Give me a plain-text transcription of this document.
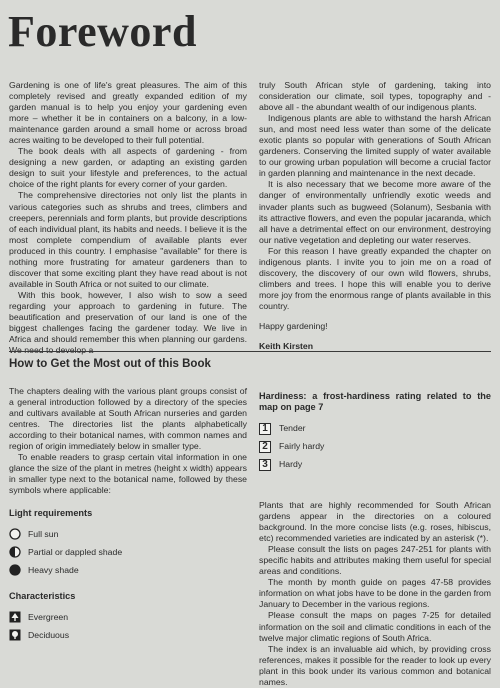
Foreword

Gardening is one of life's great pleasures. The aim of this completely revised and greatly expanded edition of my garden manual is to help you enjoy your gardening even more – whether it be in containers on a balcony, in a low-maintenance garden around a small home or across broad acres waiting to be developed to their full potential.

The book deals with all aspects of gardening - from designing a new garden, or adapting an existing garden design to suit your lifestyle and preferences, to the actual choice of the right plants for every corner of your garden.

The comprehensive directories not only list the plants in various categories such as shrubs and trees, climbers and creepers, perennials and form plants, but provide descriptions of each individual plant, its habits and needs. I believe it is the most complete compendium of available plants ever produced in this country. I emphasise "available" for there is nothing more frustrating for amateur gardeners than to discover that some exciting plant they have read about is not available in South Africa or not suited to our climate.

With this book, however, I also wish to sow a seed regarding your approach to gardening in future. The beautification and preservation of our land is one of the biggest challenges facing the gardener today. We live in Africa and should remember this when planning our gardens. We need to develop a

truly South African style of gardening, taking into consideration our climate, soil types, topography and - above all - the abundant wealth of our indigenous plants.

Indigenous plants are able to withstand the harsh African sun, and most need less water than some of the delicate exotic plants so popular with generations of South African gardeners. Conserving the limited supply of water available to our growing urban population will become a crucial factor in garden planning and maintenance in the next decade.

It is also necessary that we become more aware of the danger of environmentally unfriendly exotic weeds and invader plants such as bugweed (Solanum), Sesbania with its attractive flowers, and even the popular jacaranda, which all have a detrimental effect on our environment, destroying our native vegetation and depleting our water reserves.

For this reason I have greatly expanded the chapter on indigenous plants. I invite you to join me on a road of discovery, the discovery of our own wild flowers, shrubs, climbers and trees. I hope this will enable you to derive more joy from the enormous range of plants available in this country.

Happy gardening!

Keith Kirsten

How to Get the Most out of this Book

The chapters dealing with the various plant groups consist of a general introduction followed by a directory of the species and cultivars available at South African nurseries and garden centres. The directories list the plants alphabetically according to their botanical names, with common names and region of origin immediately below in smaller type.

To enable readers to grasp certain vital information in one glance the size of the plant in metres (height x width) appears in smaller type next to the botanical name, followed by these symbols where applicable:

Light requirements
Full sun
Partial or dappled shade
Heavy shade
Characteristics
Evergreen
Deciduous
Hardiness: a frost-hardiness rating related to the map on page 7
1	Tender
2	Fairly hardy
3	Hardy

Plants that are highly recommended for South African gardens appear in the directories on a coloured background. In the more concise lists (e.g. roses, hibiscus, etc) recommended varieties are indicated by an asterisk (*).

Please consult the lists on pages 247-251 for plants with specific habits and attributes making them useful for special areas and conditions.

The month by month guide on pages 47-58 provides information on what jobs have to be done in the garden from January to December in the various regions.

Please consult the maps on pages 7-25 for detailed information on the soil and climatic conditions in each of the twelve major climatic regions of South Africa.

The index is an invaluable aid which, by providing cross references, makes it possible for the reader to look up every plant in this book under its various common and botanical names.
